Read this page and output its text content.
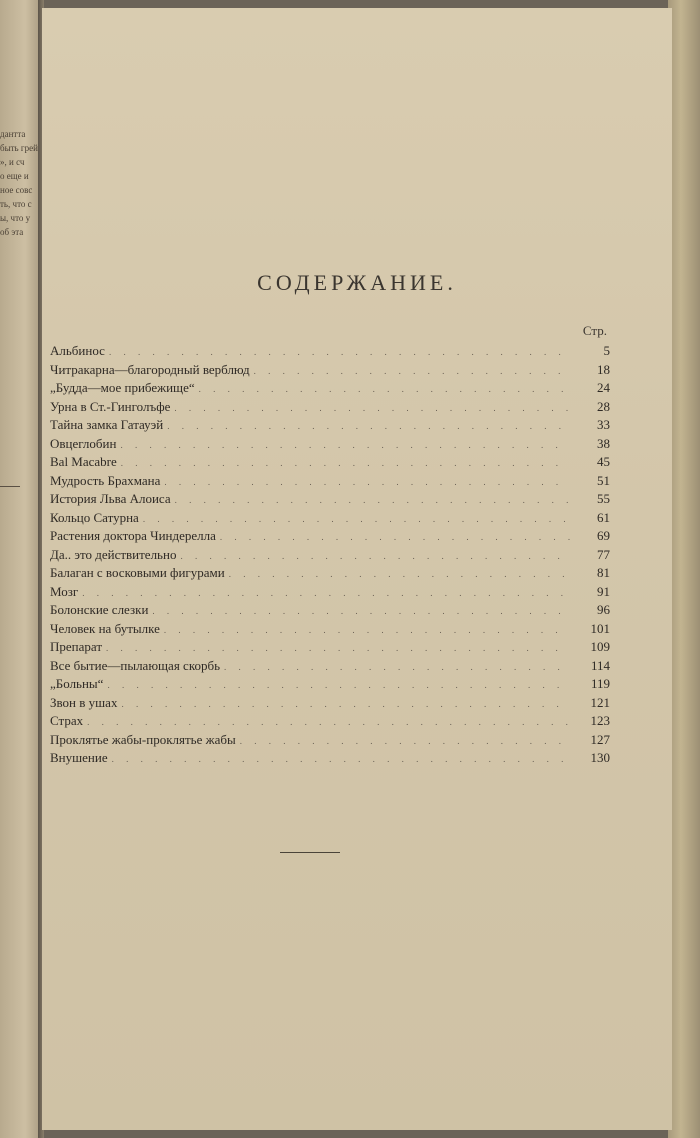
дантта
быть грей
», и сч
о еще и
ное совс
ть, что с
ы, что у
об эта
СОДЕРЖАНИЕ.
Стр.
Альбинос . . .	5
Читракарна—благородный верблюд . . .	18
„Будда—мое прибежище“ . . .	24
Урна в Ст.-Гинголъфе . . .	28
Тайна замка Гатауэй . . .	33
Овцеглобин . . .	38
Bal Macabre . . .	45
Мудрость Брахмана . . .	51
История Льва Алоиса . . .	55
Кольцо Сатурна . . .	61
Растения доктора Чиндерелла . . .	69
Да.. это действительно . . .	77
Балаган с восковыми фигурами . . .	81
Мозг . . .	91
Болонские слезки . . .	96
Человек на бутылке . . .	101
Препарат . . .	109
Все бытие—пылающая скорбь . . .	114
„Больны“ . . .	119
Звон в ушах . . .	121
Страх . . .	123
Проклятье жабы-проклятье жабы . . .	127
Внушение . . .	130
